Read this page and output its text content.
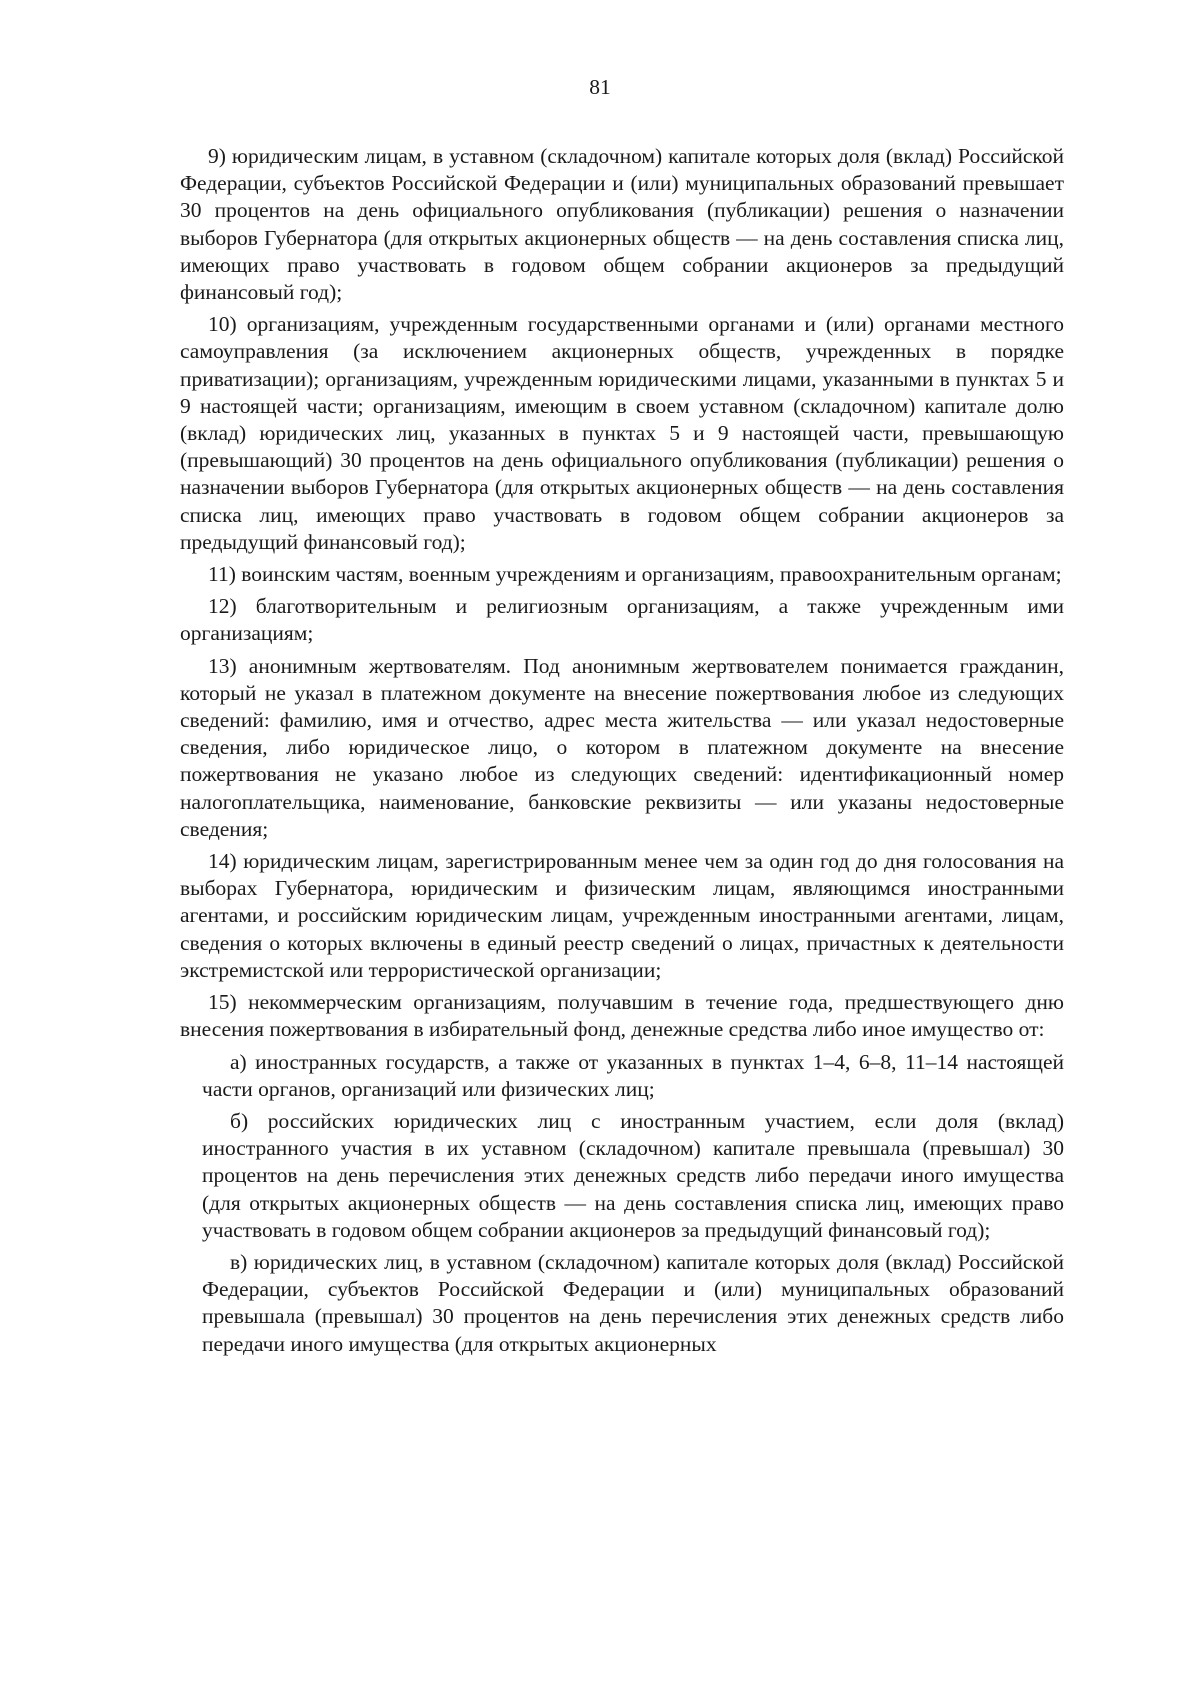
81

9) юридическим лицам, в уставном (складочном) капитале которых доля (вклад) Российской Федерации, субъектов Российской Федерации и (или) муниципальных образований превышает 30 процентов на день официального опубликования (публикации) решения о назначении выборов Губернатора (для открытых акционерных обществ — на день составления списка лиц, имеющих право участвовать в годовом общем собрании акционеров за предыдущий финансовый год);

10) организациям, учрежденным государственными органами и (или) органами местного самоуправления (за исключением акционерных обществ, учрежденных в порядке приватизации); организациям, учрежденным юридическими лицами, указанными в пунктах 5 и 9 настоящей части; организациям, имеющим в своем уставном (складочном) капитале долю (вклад) юридических лиц, указанных в пунктах 5 и 9 настоящей части, превышающую (превышающий) 30 процентов на день официального опубликования (публикации) решения о назначении выборов Губернатора (для открытых акционерных обществ — на день составления списка лиц, имеющих право участвовать в годовом общем собрании акционеров за предыдущий финансовый год);

11) воинским частям, военным учреждениям и организациям, правоохранительным органам;

12) благотворительным и религиозным организациям, а также учрежденным ими организациям;

13) анонимным жертвователям. Под анонимным жертвователем понимается гражданин, который не указал в платежном документе на внесение пожертвования любое из следующих сведений: фамилию, имя и отчество, адрес места жительства — или указал недостоверные сведения, либо юридическое лицо, о котором в платежном документе на внесение пожертвования не указано любое из следующих сведений: идентификационный номер налогоплательщика, наименование, банковские реквизиты — или указаны недостоверные сведения;

14) юридическим лицам, зарегистрированным менее чем за один год до дня голосования на выборах Губернатора, юридическим и физическим лицам, являющимся иностранными агентами, и российским юридическим лицам, учрежденным иностранными агентами, лицам, сведения о которых включены в единый реестр сведений о лицах, причастных к деятельности экстремистской или террористической организации;

15) некоммерческим организациям, получавшим в течение года, предшествующего дню внесения пожертвования в избирательный фонд, денежные средства либо иное имущество от:

а) иностранных государств, а также от указанных в пунктах 1–4, 6–8, 11–14 настоящей части органов, организаций или физических лиц;

б) российских юридических лиц с иностранным участием, если доля (вклад) иностранного участия в их уставном (складочном) капитале превышала (превышал) 30 процентов на день перечисления этих денежных средств либо передачи иного имущества (для открытых акционерных обществ — на день составления списка лиц, имеющих право участвовать в годовом общем собрании акционеров за предыдущий финансовый год);

в) юридических лиц, в уставном (складочном) капитале которых доля (вклад) Российской Федерации, субъектов Российской Федерации и (или) муниципальных образований превышала (превышал) 30 процентов на день перечисления этих денежных средств либо передачи иного имущества (для открытых акционерных
